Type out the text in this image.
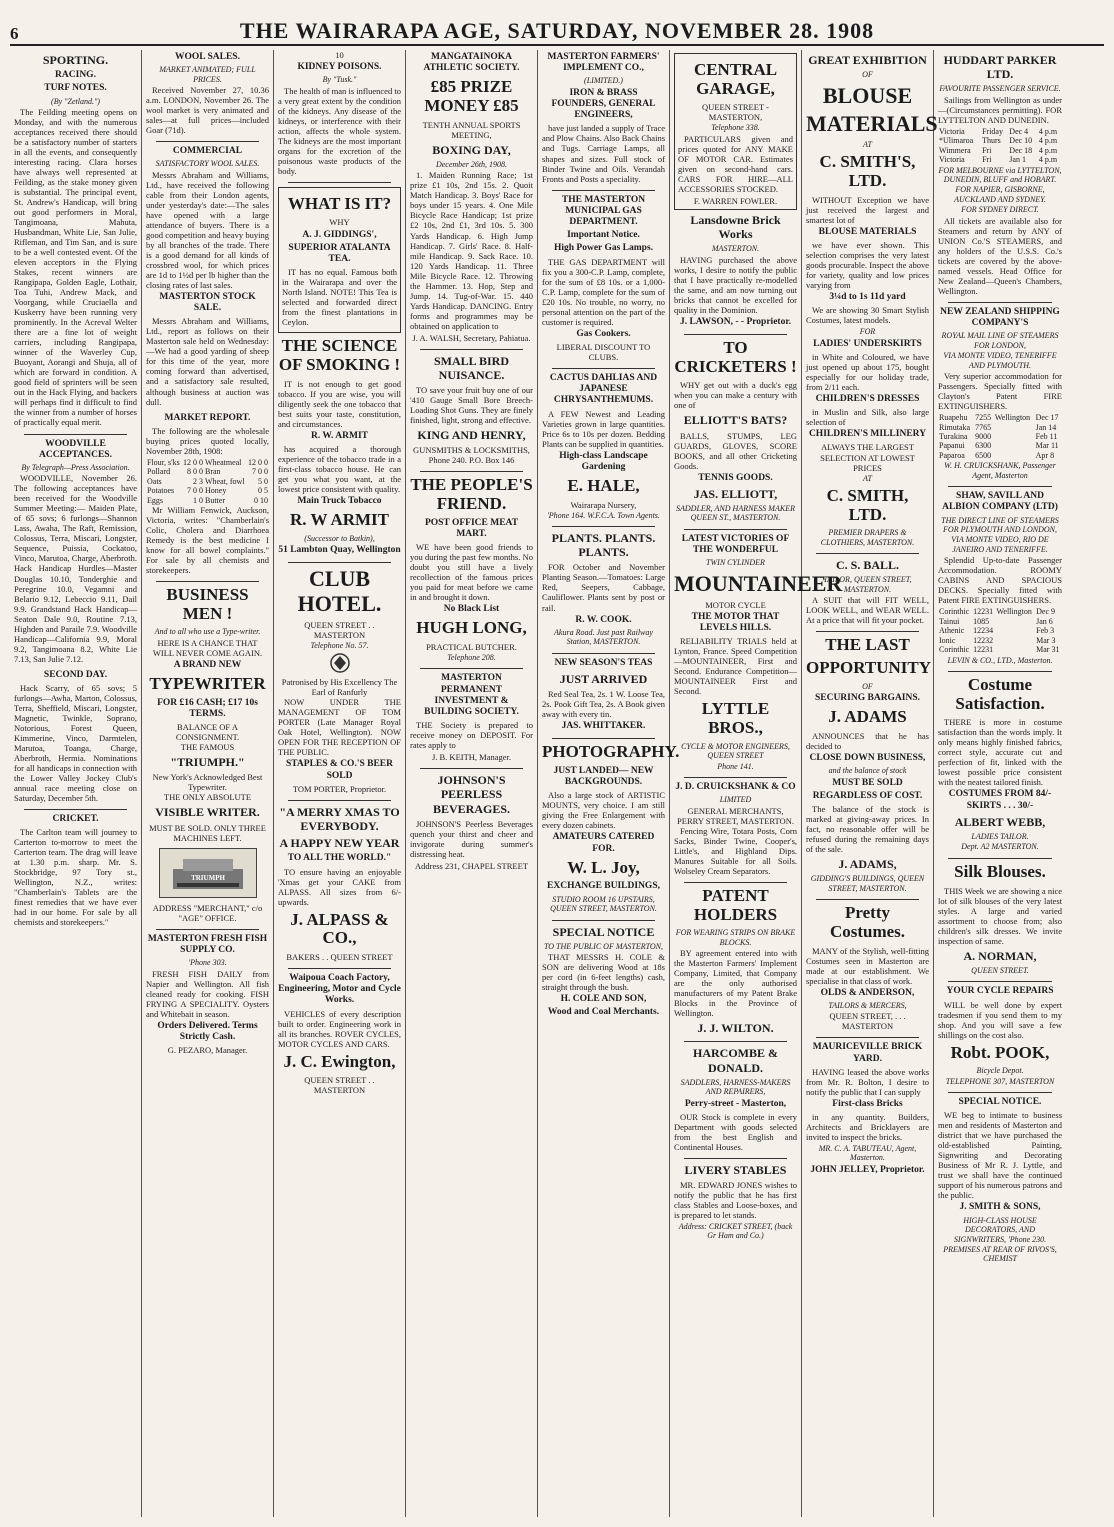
6	THE WAIRARAPA AGE, SATURDAY, NOVEMBER 28. 1908
SPORTING.
RACING.
TURF NOTES.
(By "Zetland.")

The Feilding meeting opens on Monday, and with the numerous acceptances received there should be a satisfactory number of starters in all the events, and consequently interesting racing. Clara horses have always well represented at Feilding, as the stake money given is substantial. The principal event, St. Andrew's Handicap, will bring out good performers in Moral, Tangimoana, Mahuta, Husbandman, White Lie, San Julie, Rifleman, and Tim San, and is sure to be a well contested event. Of the eleven acceptors in the Flying Stakes, recent winners are Rangipapa, Golden Eagle, Lothair, Toa Tuhi, Andrew Mack, and Voorgang, while Cruciaella and Kuskerry have been running very prominently. In the Acreval Welter there are a fine lot of weight carriers, including Rangipapa, winner of the Waverley Cup, Buoyant, Aorangi and Shuja, all of which are forward in condition. A good field of sprinters will be seen out in the Hack Flying, and backers will perhaps find it difficult to find the winner from a number of horses of practically equal merit.

WOODVILLE ACCEPTANCES.
By Telegraph—Press Association.

WOODVILLE, November 26. The following acceptances have been received for the Woodville Summer Meeting:— Maiden Plate, of 65 sovs; 6 furlongs—Shannon Lass, Awaha, The Raft, Remission, Colossus, Terra, Miscari, Longster, Sequence, Puissia, Cockatoo, Vinco, Marutoa, Charge, Aberbroth. Hack Handicap Hurdles—Master Douglas 10.10, Tonderghie and Peregrine 10.0, Vegamni and Belario 9.12, Lebeccio 9.11, Dail 9.9. Grandstand Hack Handicap—Seaton Dale 9.0, Routine 7.13, Highden and Paraile 7.9. Woodville Handicap—California 9.9, Moral 9.2, Tangimoana 8.2, White Lie 7.13, San Julie 7.12.

SECOND DAY.

Hack Scarry, of 65 sovs; 5 furlongs—Awha, Marton, Colossus, Terra, Sheffield, Miscari, Longster, Magnetic, Twinkle, Soprano, Notorious, Forest Queen, Kimmerine, Vinco, Darmtelen, Marutoa, Toanga, Charge, Aberbroth, Hermia. Nominations for all handicaps in connection with the Lower Valley Jockey Club's annual race meeting close on Saturday, December 5th.

CRICKET.

The Carlton team will journey to Carterton to-morrow to meet the Carterton team. The drag will leave at 1.30 p.m. sharp. Mr. S. Stockbridge, 97 Tory st., Wellington, N.Z., writes: "Chamberlain's Tablets are the finest remedies that we have ever had in our home. For sale by all chemists and storekeepers."

WOOL SALES.
MARKET ANIMATED; FULL PRICES.

Received November 27, 10.36 a.m. LONDON, November 26. The wool market is very animated and sales—at full prices—included Goar (71d).

COMMERCIAL
SATISFACTORY WOOL SALES.

Messrs Abraham and Williams, Ltd., have received the following cable from their London agents, under yesterday's date:—The sales have opened with a large attendance of buyers. There is a good competition and heavy buying by all branches of the trade. There is a good demand for all kinds of crossbred wool, for which prices are 1d to 1½d per lb higher than the closing rates of last sales.

MASTERTON STOCK SALE.

Messrs Abraham and Williams, Ltd., report as follows on their Masterton sale held on Wednesday:—We had a good yarding of sheep for this time of the year, more coming forward than advertised, and a satisfactory sale resulted, although business at auction was dull.

MARKET REPORT.

The following are the wholesale buying prices quoted locally, November 28th, 1908:

Flour, s'ks	12 0 0	Wheatmeal	12 0 0
Pollard	8 0 0	Bran	7 0 0
Oats	2 3	Wheat, fowl	5 0
Potatoes	7 0 0	Honey	0 5
Eggs	1 0	Butter	0 10

Mr William Fenwick, Auckson, Victoria, writes: "Chamberlain's Colic, Cholera and Diarrhoea Remedy is the best medicine I know for all bowel complaints." For sale by all chemists and storekeepers.

BUSINESS MEN !
And to all who use a Type-writer.
HERE IS A CHANCE THAT WILL NEVER COME AGAIN.
A BRAND NEW
TYPEWRITER
FOR £16 CASH; £17 10s TERMS.
BALANCE OF A CONSIGNMENT.
THE FAMOUS
"TRIUMPH."
New York's Acknowledged Best Typewriter.
THE ONLY ABSOLUTE
VISIBLE WRITER.
MUST BE SOLD. ONLY THREE MACHINES LEFT.
TRIUMPH
ADDRESS "MERCHANT," c/o "AGE" OFFICE.
MASTERTON FRESH FISH SUPPLY CO.
'Phone 303.

FRESH FISH DAILY from Napier and Wellington. All fish cleaned ready for cooking. FISH FRYING A SPECIALITY. Oysters and Whitebait in season.

Orders Delivered. Terms Strictly Cash.
G. PEZARO, Manager.
10
KIDNEY POISONS.
By "Tusk."

The health of man is influenced to a very great extent by the condition of the kidneys. Any disease of the kidneys, or interference with their action, affects the whole system. The kidneys are the most important organs for the excretion of the poisonous waste products of the body.

WHAT IS IT?
WHY
A. J. GIDDINGS',
SUPERIOR ATALANTA TEA.

IT has no equal. Famous both in the Wairarapa and over the North Island. NOTE! This Tea is selected and forwarded direct from the finest plantations in Ceylon.

THE SCIENCE OF SMOKING !

IT is not enough to get good tobacco. If you are wise, you will diligently seek the one tobacco that best suits your taste, constitution, and circumstances.

R. W. ARMIT

has acquired a thorough experience of the tobacco trade in a first-class tobacco house. He can get you what you want, at the lowest price consistent with quality.

Main Truck Tobacco
R. W ARMIT
(Successor to Batkin),
51 Lambton Quay, Wellington
CLUB HOTEL.
QUEEN STREET . . MASTERTON
Telephone No. 57.
Patronised by His Excellency The Earl of Ranfurly

NOW UNDER THE MANAGEMENT OF TOM PORTER (Late Manager Royal Oak Hotel, Wellington). NOW OPEN FOR THE RECEPTION OF THE PUBLIC.

STAPLES & CO.'S BEER SOLD
TOM PORTER, Proprietor.
"A MERRY XMAS TO EVERYBODY.
A HAPPY NEW YEAR
TO ALL THE WORLD."

TO ensure having an enjoyable 'Xmas get your CAKE from ALPASS. All sizes from 6/- upwards.

J. ALPASS & CO.,
BAKERS . . QUEEN STREET
Waipoua Coach Factory, Engineering, Motor and Cycle Works.

VEHICLES of every description built to order. Engineering work in all its branches. ROVER CYCLES, MOTOR CYCLES AND CARS.

J. C. Ewington,
QUEEN STREET . . MASTERTON
MANGATAINOKA ATHLETIC SOCIETY.
£85 PRIZE MONEY £85
TENTH ANNUAL SPORTS MEETING,
BOXING DAY,
December 26th, 1908.

1. Maiden Running Race; 1st prize £1 10s, 2nd 15s. 2. Quoit Match Handicap. 3. Boys' Race for boys under 15 years. 4. One Mile Bicycle Race Handicap; 1st prize £2 10s, 2nd £1, 3rd 10s. 5. 300 Yards Handicap. 6. High Jump Handicap. 7. Girls' Race. 8. Half-mile Handicap. 9. Sack Race. 10. 120 Yards Handicap. 11. Three Mile Bicycle Race. 12. Throwing the Hammer. 13. Hop, Step and Jump. 14. Tug-of-War. 15. 440 Yards Handicap. DANCING. Entry forms and programmes may be obtained on application to

J. A. WALSH, Secretary, Pahiatua.
SMALL BIRD NUISANCE.

TO save your fruit buy one of our '410 Gauge Small Bore Breech-Loading Shot Guns. They are finely finished, light, strong and effective.

KING AND HENRY,
GUNSMITHS & LOCKSMITHS,
Phone 240. P.O. Box 146
THE PEOPLE'S FRIEND.
POST OFFICE MEAT MART.

WE have been good friends to you during the past few months. No doubt you still have a lively recollection of the famous prices you paid for meat before we came in and brought it down.

No Black List
HUGH LONG,
PRACTICAL BUTCHER.
Telephone 208.
MASTERTON PERMANENT INVESTMENT & BUILDING SOCIETY.

THE Society is prepared to receive money on DEPOSIT. For rates apply to

J. B. KEITH, Manager.
JOHNSON'S PEERLESS BEVERAGES.

JOHNSON'S Peerless Beverages quench your thirst and cheer and invigorate during summer's distressing heat.

Address 231, CHAPEL STREET
MASTERTON FARMERS' IMPLEMENT CO.,
(LIMITED.)
IRON & BRASS FOUNDERS, GENERAL ENGINEERS,

have just landed a supply of Trace and Plow Chains. Also Back Chains and Tugs. Carriage Lamps, all shapes and sizes. Full stock of Binder Twine and Oils. Verandah Fronts and Posts a speciality.

THE MASTERTON MUNICIPAL GAS DEPARTMENT.
Important Notice.
High Power Gas Lamps.

THE GAS DEPARTMENT will fix you a 300-C.P. Lamp, complete, for the sum of £8 10s. or a 1,000-C.P. Lamp, complete for the sum of £20 10s. No trouble, no worry, no personal attention on the part of the customer is required.

Gas Cookers.
LIBERAL DISCOUNT TO CLUBS.
CACTUS DAHLIAS AND JAPANESE CHRYSANTHEMUMS.

A FEW Newest and Leading Varieties grown in large quantities. Price 6s to 10s per dozen. Bedding Plants can be supplied in quantities.

High-class Landscape Gardening
E. HALE,
Wairarapa Nursery,
'Phone 164. W.F.C.A. Town Agents.
PLANTS. PLANTS. PLANTS.

FOR October and November Planting Season.—Tomatoes: Large Red, Seepers, Cabbage, Cauliflower. Plants sent by post or rail.

R. W. COOK.
Akura Road. Just past Railway Station, MASTERTON.
NEW SEASON'S TEAS
JUST ARRIVED

Red Seal Tea, 2s. 1 W. Loose Tea, 2s. Pook Gift Tea, 2s. A Book given away with every tin.

JAS. WHITTAKER.
PHOTOGRAPHY.
JUST LANDED— NEW BACKGROUNDS.

Also a large stock of ARTISTIC MOUNTS, very choice. I am still giving the Free Enlargement with every dozen cabinets.

AMATEURS CATERED FOR.
W. L. Joy,
EXCHANGE BUILDINGS,
STUDIO ROOM 16 UPSTAIRS, QUEEN STREET, MASTERTON.
SPECIAL NOTICE
TO THE PUBLIC OF MASTERTON,

THAT MESSRS H. COLE & SON are delivering Wood at 18s per cord (in 6-feet lengths) cash, straight through the bush.

H. COLE AND SON,
Wood and Coal Merchants.
CENTRAL GARAGE,
QUEEN STREET - MASTERTON,
Telephone 338.

PARTICULARS given and prices quoted for ANY MAKE OF MOTOR CAR. Estimates given on second-hand cars. CARS FOR HIRE—ALL ACCESSORIES STOCKED.

F. WARREN FOWLER.
Lansdowne Brick Works
MASTERTON.

HAVING purchased the above works, I desire to notify the public that I have practically re-modelled the same, and am now turning out bricks that cannot be excelled for quality in the Dominion.

J. LAWSON, - - Proprietor.
TO CRICKETERS !

WHY get out with a duck's egg when you can make a century with one of

ELLIOTT'S BATS?

BALLS, STUMPS, LEG GUARDS, GLOVES, SCORE BOOKS, and all other Cricketing Goods.

TENNIS GOODS.
JAS. ELLIOTT,
SADDLER, AND HARNESS MAKER QUEEN ST., MASTERTON.
LATEST VICTORIES OF THE WONDERFUL
TWIN CYLINDER
MOUNTAINEER
MOTOR CYCLE
THE MOTOR THAT LEVELS HILLS.

RELIABILITY TRIALS held at Lynton, France. Speed Competition—MOUNTAINEER, First and Second. Endurance Competition—MOUNTAINEER First and Second.

LYTTLE BROS.,
CYCLE & MOTOR ENGINEERS, QUEEN STREET
Phone 141.
J. D. CRUICKSHANK & CO
LIMITED
GENERAL MERCHANTS, PERRY STREET, MASTERTON.

Fencing Wire, Totara Posts, Corn Sacks, Binder Twine, Cooper's, Little's, and Highland Dips. Manures Suitable for all Soils. Wolseley Cream Separators.

PATENT HOLDERS
FOR WEARING STRIPS ON BRAKE BLOCKS.

BY agreement entered into with the Masterton Farmers' Implement Company, Limited, that Company are the only authorised manufacturers of my Patent Brake Blocks in the Province of Wellington.

J. J. WILTON.
HARCOMBE & DONALD.
SADDLERS, HARNESS-MAKERS AND REPAIRERS,
Perry-street - Masterton,

OUR Stock is complete in every Department with goods selected from the best English and Continental Houses.

LIVERY STABLES

MR. EDWARD JONES wishes to notify the public that he has first class Stables and Loose-boxes, and is prepared to let stands.

Address: CRICKET STREET, (back Gr Ham and Co.)
GREAT EXHIBITION
OF
BLOUSE
MATERIALS
AT
C. SMITH'S, LTD.

WITHOUT Exception we have just received the largest and smartest lot of

BLOUSE MATERIALS

we have ever shown. This selection comprises the very latest goods procurable. Inspect the above for variety, quality and low prices varying from

3¼d to 1s 11d yard

We are showing 30 Smart Stylish Costumes, latest models.

FOR
LADIES' UNDERSKIRTS

in White and Coloured, we have just opened up about 175, bought especially for our holiday trade, from 2/11 each.

CHILDREN'S DRESSES

in Muslin and Silk, also large selection of

CHILDREN'S MILLINERY
ALWAYS THE LARGEST SELECTION AT LOWEST PRICES
AT
C. SMITH, LTD.
PREMIER DRAPERS & CLOTHIERS, MASTERTON.
C. S. BALL.
TAILOR, QUEEN STREET, MASTERTON.

A SUIT that will FIT WELL, LOOK WELL, and WEAR WELL. At a price that will fit your pocket.

THE LAST
OPPORTUNITY
OF
SECURING BARGAINS.
J. ADAMS

ANNOUNCES that he has decided to

CLOSE DOWN BUSINESS,
and the balance of stock
MUST BE SOLD
REGARDLESS OF COST.

The balance of the stock is marked at giving-away prices. In fact, no reasonable offer will be refused during the remaining days of the sale.

J. ADAMS,
GIDDING'S BUILDINGS, QUEEN STREET, MASTERTON.
Pretty Costumes.

MANY of the Stylish, well-fitting Costumes seen in Masterton are made at our establishment. We specialise in that class of work.

OLDS & ANDERSON,
TAILORS & MERCERS,
QUEEN STREET, . . . MASTERTON
MAURICEVILLE BRICK YARD.

HAVING leased the above works from Mr. R. Bolton, I desire to notify the public that I can supply

First-class Bricks

in any quantity. Builders, Architects and Bricklayers are invited to inspect the bricks.

MR. C. A. TABUTEAU, Agent, Masterton.
JOHN JELLEY, Proprietor.
HUDDART PARKER LTD.
FAVOURITE PASSENGER SERVICE.

Sailings from Wellington as under—(Circumstances permitting). FOR LYTTELTON AND DUNEDIN.

Victoria	Friday	Dec 4	4 p.m
*Ulimaroa	Thurs	Dec 10	4 p.m
Wimmera	Fri	Dec 18	4 p.m
Victoria	Fri	Jan 1	4 p.m
FOR MELBOURNE via LYTTELTON, DUNEDIN, BLUFF and HOBART.
FOR NAPIER, GISBORNE, AUCKLAND AND SYDNEY.
FOR SYDNEY DIRECT.

All tickets are available also for Steamers and return by ANY of UNION Co.'S STEAMERS, and any holders of the U.S.S. Co.'s tickets are covered by the above-named vessels. Head Office for New Zealand—Queen's Chambers, Wellington.

NEW ZEALAND SHIPPING COMPANY'S
ROYAL MAIL LINE OF STEAMERS FOR LONDON,
VIA MONTE VIDEO, TENERIFFE AND PLYMOUTH.

Very superior accommodation for Passengers. Specially fitted with Clayton's Patent FIRE EXTINGUISHERS.

Ruapehu	7255	Wellington	Dec 17
Rimutaka	7765		Jan 14
Turakina	9000		Feb 11
Papanui	6300		Mar 11
Paparoa	6500		Apr 8
W. H. CRUICKSHANK, Passenger Agent, Masterton
SHAW, SAVILL AND ALBION COMPANY (LTD)
THE DIRECT LINE OF STEAMERS FOR PLYMOUTH AND LONDON,
VIA MONTE VIDEO, RIO DE JANEIRO AND TENERIFFE.

Splendid Up-to-date Passenger Accommodation. ROOMY CABINS AND SPACIOUS DECKS. Specially fitted with Patent FIRE EXTINGUISHERS.

Corinthic	12231	Wellington	Dec 9
Tainui	1085		Jan 6
Athenic	12234		Feb 3
Ionic	12232		Mar 3
Corinthic	12231		Mar 31
LEVIN & CO., LTD., Masterton.
Costume Satisfaction.

THERE is more in costume satisfaction than the words imply. It only means highly finished fabrics, correct style, accurate cut and perfection of fit, linked with the lowest possible price consistent with the neatest tailored finish.

COSTUMES FROM 84/- SKIRTS . . . 30/-
ALBERT WEBB,
LADIES TAILOR.
Dept. A2 MASTERTON.
Silk Blouses.

THIS Week we are showing a nice lot of silk blouses of the very latest styles. A large and varied assortment to choose from; also children's silk dresses. We invite inspection of same.

A. NORMAN,
QUEEN STREET.
YOUR CYCLE REPAIRS

WILL be well done by expert tradesmen if you send them to my shop. And you will save a few shillings on the cost also.

Robt. POOK,
Bicycle Depot.
TELEPHONE 307, MASTERTON
SPECIAL NOTICE.

WE beg to intimate to business men and residents of Masterton and district that we have purchased the old-established Painting, Signwriting and Decorating Business of Mr R. J. Lyttle, and trust we shall have the continued support of his numerous patrons and the public.

J. SMITH & SONS,
HIGH-CLASS HOUSE DECORATORS, AND SIGNWRITERS, 'Phone 230.
PREMISES AT REAR OF RIVOS'S, CHEMIST
